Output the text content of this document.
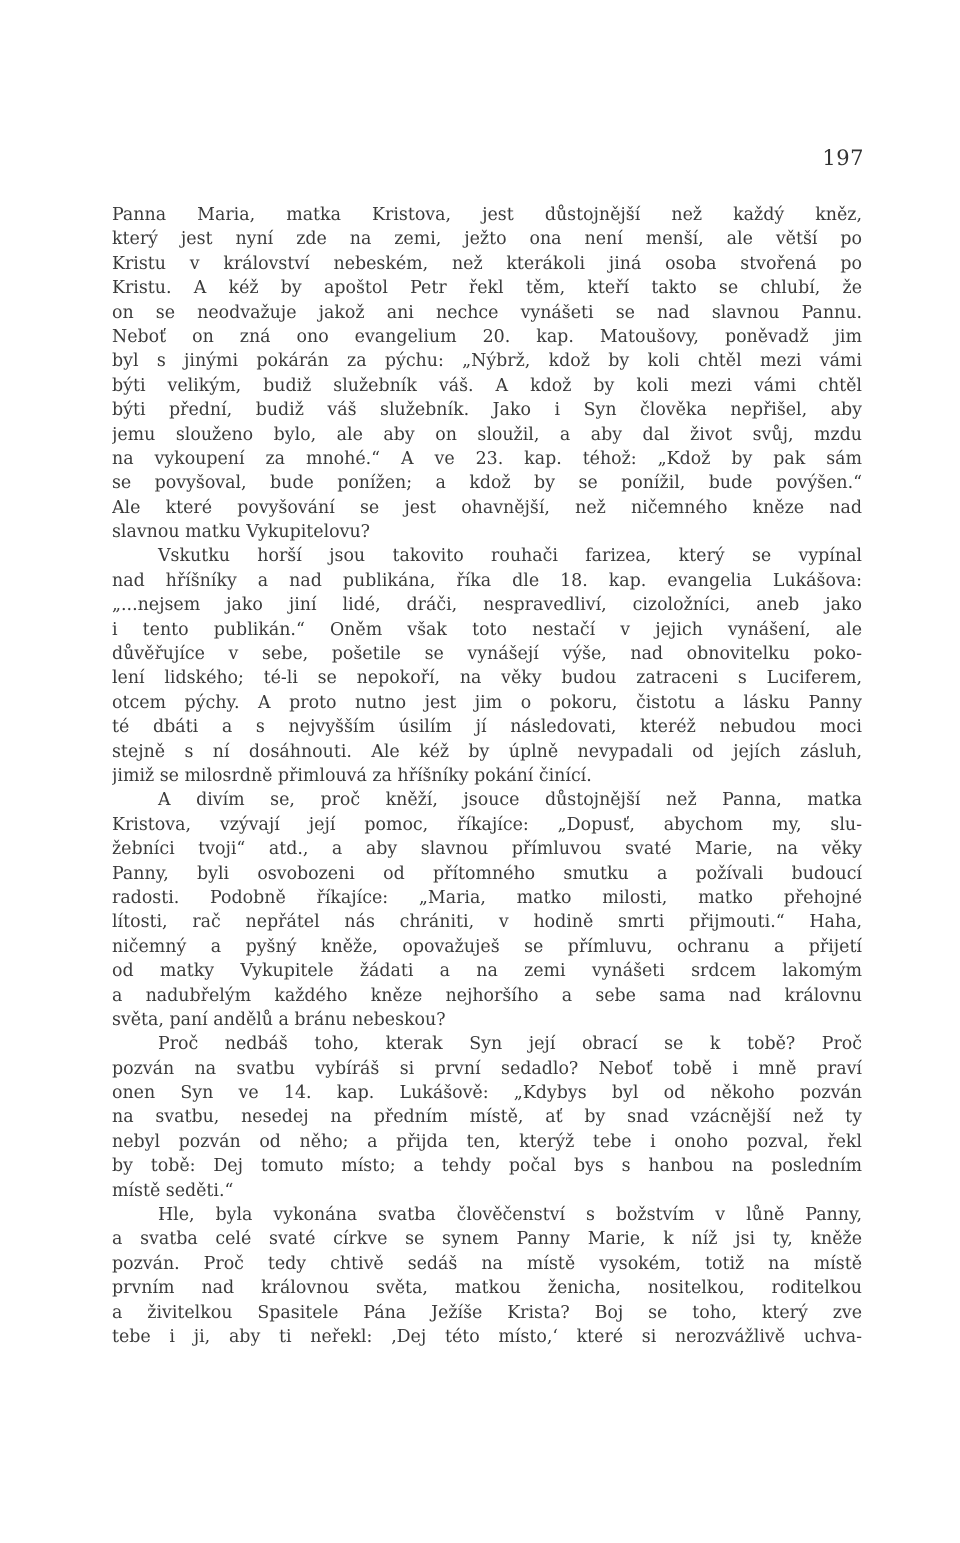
197
Panna Maria, matka Kristova, jest důstojnější než každý kněz,
který jest nyní zde na zemi, ježto ona není menší, ale větší po
Kristu v království nebeském, než kterákoli jiná osoba stvořená po
Kristu. A kéž by apoštol Petr řekl těm, kteří takto se chlubí, že
on se neodvažuje jakož ani nechce vynášeti se nad slavnou Pannu.
Neboť on zná ono evangelium 20. kap. Matoušovy, poněvadž jim
byl s jinými pokárán za pýchu: „Nýbrž, kdož by koli chtěl mezi vámi
býti velikým, budiž služebník váš. A kdož by koli mezi vámi chtěl
býti přední, budiž váš služebník. Jako i Syn člověka nepřišel, aby
jemu slouženo bylo, ale aby on sloužil, a aby dal život svůj, mzdu
na vykoupení za mnohé.“ A ve 23. kap. téhož: „Kdož by pak sám
se povyšoval, bude ponížen; a kdož by se ponížil, bude povýšen.“
Ale které povyšování se jest ohavnější, než ničemného kněze nad
slavnou matku Vykupitelovu?
Vskutku horší jsou takovito rouhači farizea, který se vypínal
nad hříšníky a nad publikána, říka dle 18. kap. evangelia Lukášova:
„...nejsem jako jiní lidé, dráči, nespravedliví, cizoložníci, aneb jako
i tento publikán.“ Oněm však toto nestačí v jejich vynášení, ale
důvěřujíce v sebe, pošetile se vynášejí výše, nad obnovitelku poko-
lení lidského; té-li se nepokoří, na věky budou zatraceni s Luciferem,
otcem pýchy. A proto nutno jest jim o pokoru, čistotu a lásku Panny
té dbáti a s nejvyšším úsilím jí následovati, kteréž nebudou moci
stejně s ní dosáhnouti. Ale kéž by úplně nevypadali od jejích zásluh,
jimiž se milosrdně přimlouvá za hříšníky pokání činící.
A divím se, proč kněží, jsouce důstojnější než Panna, matka
Kristova, vzývají její pomoc, říkajíce: „Dopusť, abychom my, slu-
žebníci tvoji“ atd., a aby slavnou přímluvou svaté Marie, na věky
Panny, byli osvobozeni od přítomného smutku a požívali budoucí
radosti. Podobně říkajíce: „Maria, matko milosti, matko přehojné
lítosti, rač nepřátel nás chrániti, v hodině smrti přijmouti.“ Haha,
ničemný a pyšný kněže, opovažuješ se přímluvu, ochranu a přijetí
od matky Vykupitele žádati a na zemi vynášeti srdcem lakomým
a nadubřelým každého kněze nejhoršího a sebe sama nad královnu
světa, paní andělů a bránu nebeskou?
Proč nedbáš toho, kterak Syn její obrací se k tobě? Proč
pozván na svatbu vybíráš si první sedadlo? Neboť tobě i mně praví
onen Syn ve 14. kap. Lukášově: „Kdybys byl od někoho pozván
na svatbu, nesedej na předním místě, ať by snad vzácnější než ty
nebyl pozván od něho; a přijda ten, kterýž tebe i onoho pozval, řekl
by tobě: Dej tomuto místo; a tehdy počal bys s hanbou na posledním
místě seděti.“
Hle, byla vykonána svatba člověčenství s božstvím v lůně Panny,
a svatba celé svaté církve se synem Panny Marie, k níž jsi ty, kněže
pozván. Proč tedy chtivě sedáš na místě vysokém, totiž na místě
prvním nad královnou světa, matkou ženicha, nositelkou, roditelkou
a živitelkou Spasitele Pána Ježíše Krista? Boj se toho, který zve
tebe i ji, aby ti neřekl: ‚Dej této místo,‘ které si nerozvážlivě uchva-
